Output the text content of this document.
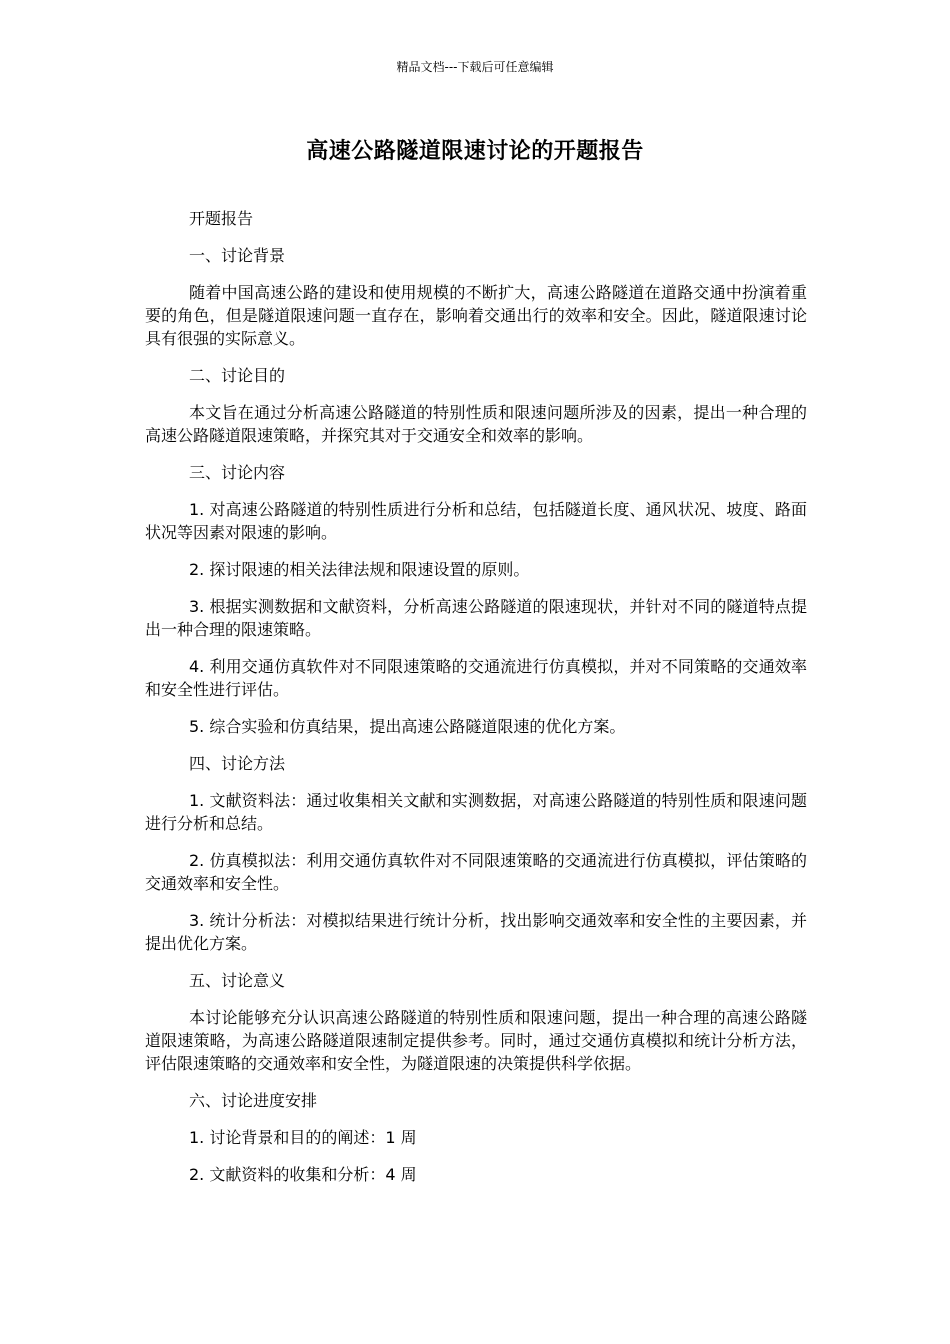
精品文档---下载后可任意编辑
高速公路隧道限速讨论的开题报告

开题报告

一、讨论背景

随着中国高速公路的建设和使用规模的不断扩大，高速公路隧道在道路交通中扮演着重要的角色，但是隧道限速问题一直存在，影响着交通出行的效率和安全。因此，隧道限速讨论具有很强的实际意义。

二、讨论目的

本文旨在通过分析高速公路隧道的特别性质和限速问题所涉及的因素，提出一种合理的高速公路隧道限速策略，并探究其对于交通安全和效率的影响。

三、讨论内容

1. 对高速公路隧道的特别性质进行分析和总结，包括隧道长度、通风状况、坡度、路面状况等因素对限速的影响。

2. 探讨限速的相关法律法规和限速设置的原则。

3. 根据实测数据和文献资料，分析高速公路隧道的限速现状，并针对不同的隧道特点提出一种合理的限速策略。

4. 利用交通仿真软件对不同限速策略的交通流进行仿真模拟，并对不同策略的交通效率和安全性进行评估。

5. 综合实验和仿真结果，提出高速公路隧道限速的优化方案。

四、讨论方法

1. 文献资料法：通过收集相关文献和实测数据，对高速公路隧道的特别性质和限速问题进行分析和总结。

2. 仿真模拟法：利用交通仿真软件对不同限速策略的交通流进行仿真模拟，评估策略的交通效率和安全性。

3. 统计分析法：对模拟结果进行统计分析，找出影响交通效率和安全性的主要因素，并提出优化方案。

五、讨论意义

本讨论能够充分认识高速公路隧道的特别性质和限速问题，提出一种合理的高速公路隧道限速策略，为高速公路隧道限速制定提供参考。同时，通过交通仿真模拟和统计分析方法，评估限速策略的交通效率和安全性，为隧道限速的决策提供科学依据。

六、讨论进度安排

1. 讨论背景和目的的阐述：1 周

2. 文献资料的收集和分析：4 周
